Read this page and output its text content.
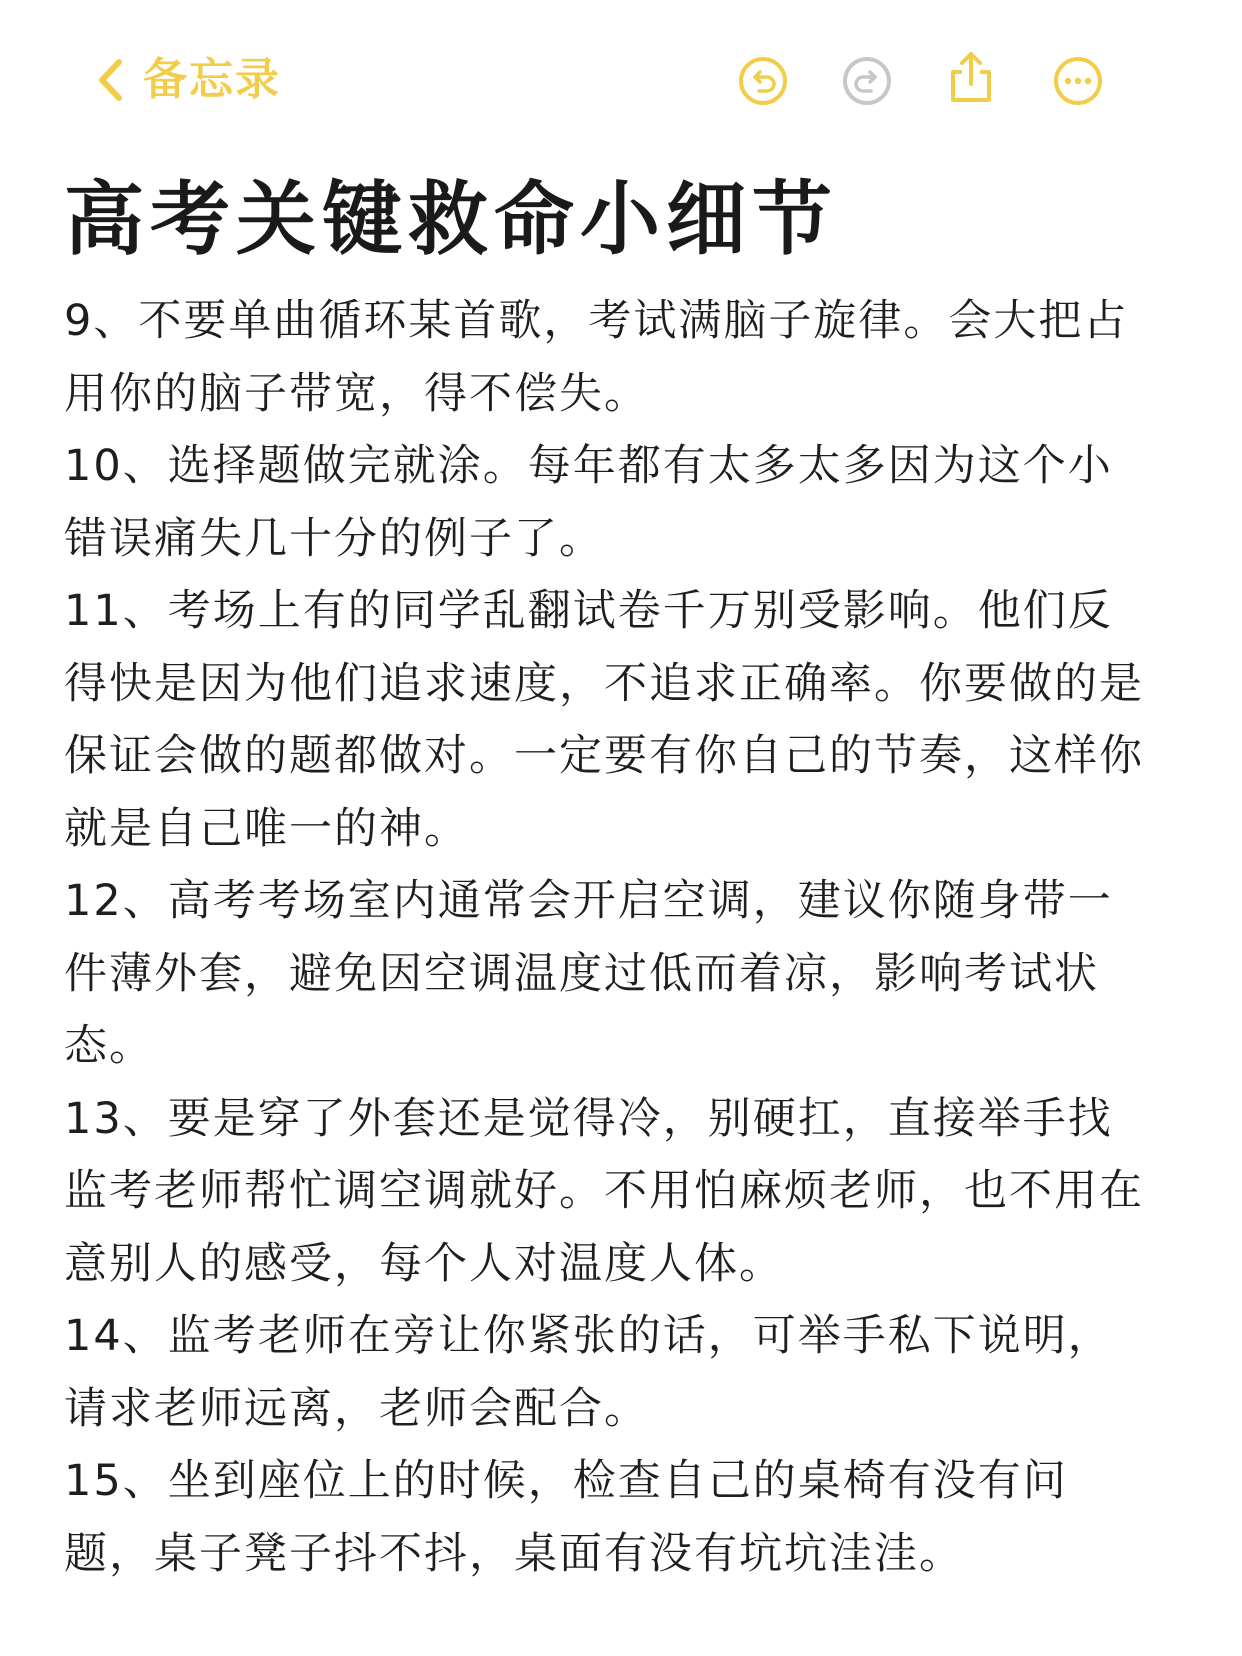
备忘录
高考关键救命小细节

9、不要单曲循环某首歌，考试满脑子旋律。会大把占用你的脑子带宽，得不偿失。

10、选择题做完就涂。每年都有太多太多因为这个小错误痛失几十分的例子了。

11、考场上有的同学乱翻试卷千万别受影响。他们反得快是因为他们追求速度，不追求正确率。你要做的是保证会做的题都做对。一定要有你自己的节奏，这样你就是自己唯一的神。

12、高考考场室内通常会开启空调，建议你随身带一件薄外套，避免因空调温度过低而着凉，影响考试状态。

13、要是穿了外套还是觉得冷，别硬扛，直接举手找监考老师帮忙调空调就好。不用怕麻烦老师，也不用在意别人的感受，每个人对温度人体。

14、监考老师在旁让你紧张的话，可举手私下说明，请求老师远离，老师会配合。

15、坐到座位上的时候，检查自己的桌椅有没有问题，桌子凳子抖不抖，桌面有没有坑坑洼洼。
